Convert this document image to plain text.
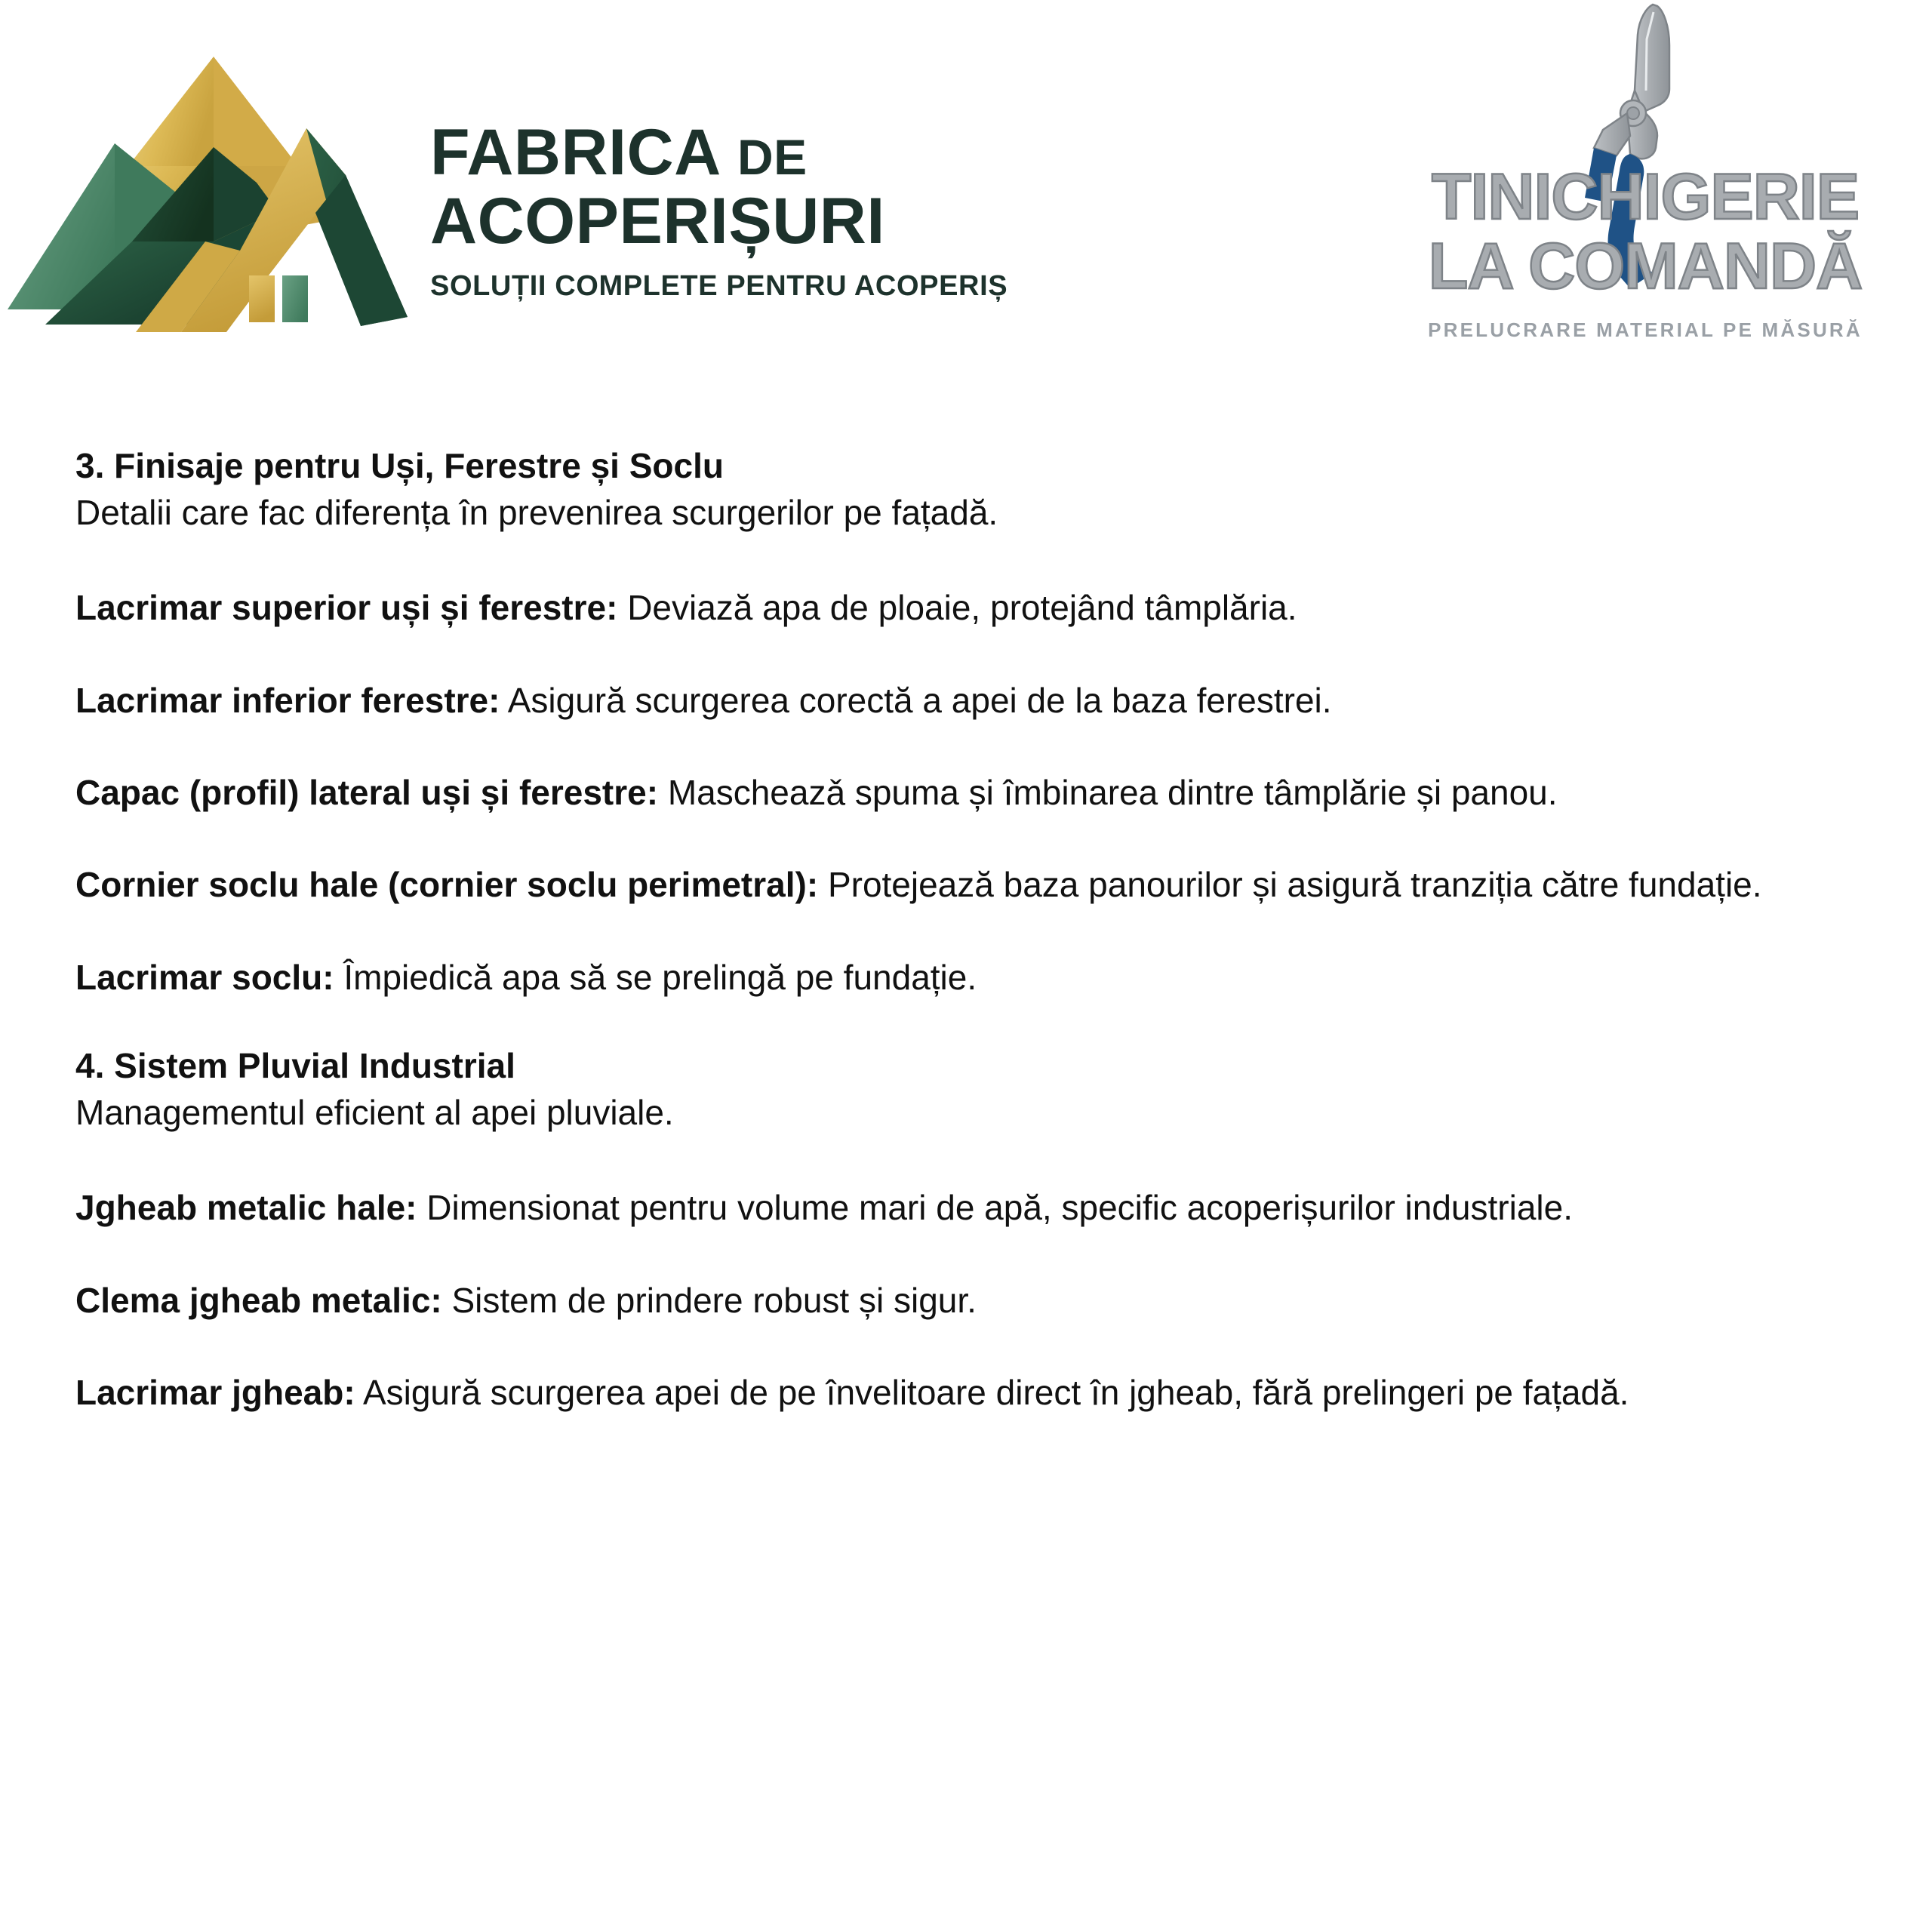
FABRICA DE
ACOPERIȘURI
SOLUȚII COMPLETE PENTRU ACOPERIȘ
TINICHIGERIE
LA COMANDĂ
PRELUCRARE MATERIAL PE MĂSURĂ

3. Finisaje pentru Uși, Ferestre și Soclu

Detalii care fac diferența în prevenirea scurgerilor pe fațadă.

Lacrimar superior uși și ferestre: Deviază apa de ploaie, protejând tâmplăria.

Lacrimar inferior ferestre: Asigură scurgerea corectă a apei de la baza ferestrei.

Capac (profil) lateral uși și ferestre: Mascheazǎ spuma și îmbinarea dintre tâmplărie și panou.

Cornier soclu hale (cornier soclu perimetral): Protejează baza panourilor și asigură tranziția către fundație.

Lacrimar soclu: Împiedică apa să se prelingă pe fundație.

4. Sistem Pluvial Industrial

Managementul eficient al apei pluviale.

Jgheab metalic hale: Dimensionat pentru volume mari de apă, specific acoperișurilor industriale.

Clema jgheab metalic: Sistem de prindere robust și sigur.

Lacrimar jgheab: Asigură scurgerea apei de pe învelitoare direct în jgheab, fără prelingeri pe fațadă.
